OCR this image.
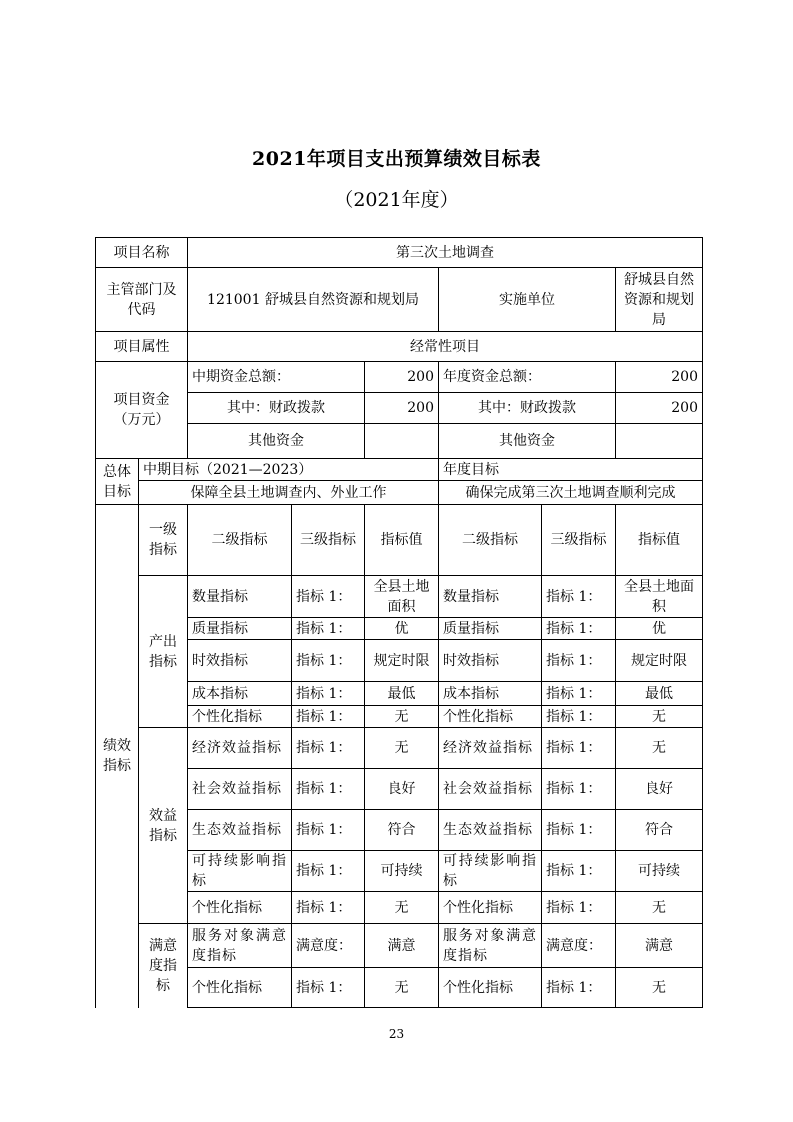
2021年项目支出预算绩效目标表
（2021年度）
项目名称		第三次土地调查					
主管部门及代码		121001 舒城县自然资源和规划局			实施单位		舒城县自然资源和规划局
项目属性		经常性项目					
项目资金（万元）		中期资金总额：		200	年度资金总额：		200
		其中：财政拨款		200	其中：财政拨款		200
		其他资金			其他资金		
总体目标	中期目标（2021—2023）				年度目标		
	保障全县土地调查内、外业工作				确保完成第三次土地调查顺利完成		
绩效指标	一级指标	二级指标	三级指标	指标值	二级指标	三级指标	指标值
	产出指标	数量指标	指标 1：	全县土地面积	数量指标	指标 1：	全县土地面积
		质量指标	指标 1：	优	质量指标	指标 1：	优
		时效指标	指标 1：	规定时限	时效指标	指标 1：	规定时限
		成本指标	指标 1：	最低	成本指标	指标 1：	最低
		个性化指标	指标 1：	无	个性化指标	指标 1：	无
	效益指标	经济效益指标	指标 1：	无	经济效益指标	指标 1：	无
		社会效益指标	指标 1：	良好	社会效益指标	指标 1：	良好
		生态效益指标	指标 1：	符合	生态效益指标	指标 1：	符合
		可持续影响指标	指标 1：	可持续	可持续影响指标	指标 1：	可持续
		个性化指标	指标 1：	无	个性化指标	指标 1：	无
	满意度指标	服务对象满意度指标	满意度：	满意	服务对象满意度指标	满意度：	满意
		个性化指标	指标 1：	无	个性化指标	指标 1：	无
23
